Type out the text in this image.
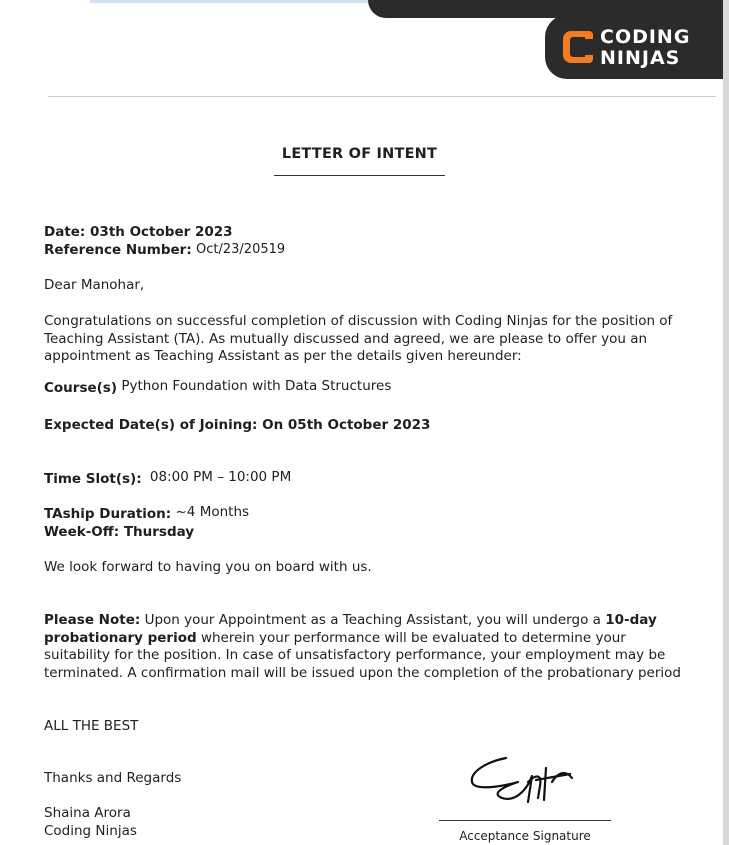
CODING
NINJAS
LETTER OF INTENT
Date: 03th October 2023
Reference Number: Oct/23/20519
Dear Manohar,
Congratulations on successful completion of discussion with Coding Ninjas for the position of Teaching Assistant (TA). As mutually discussed and agreed, we are please to offer you an appointment as Teaching Assistant as per the details given hereunder:
Course(s) Python Foundation with Data Structures
Expected Date(s) of Joining: On 05th October 2023
Time Slot(s): 08:00 PM – 10:00 PM
TAship Duration: ~4 Months
Week-Off: Thursday
We look forward to having you on board with us.
Please Note: Upon your Appointment as a Teaching Assistant, you will undergo a 10-day probationary period wherein your performance will be evaluated to determine your suitability for the position. In case of unsatisfactory performance, your employment may be terminated. A confirmation mail will be issued upon the completion of the probationary period
ALL THE BEST
Thanks and Regards
Shaina Arora
Coding Ninjas	Acceptance Signature
